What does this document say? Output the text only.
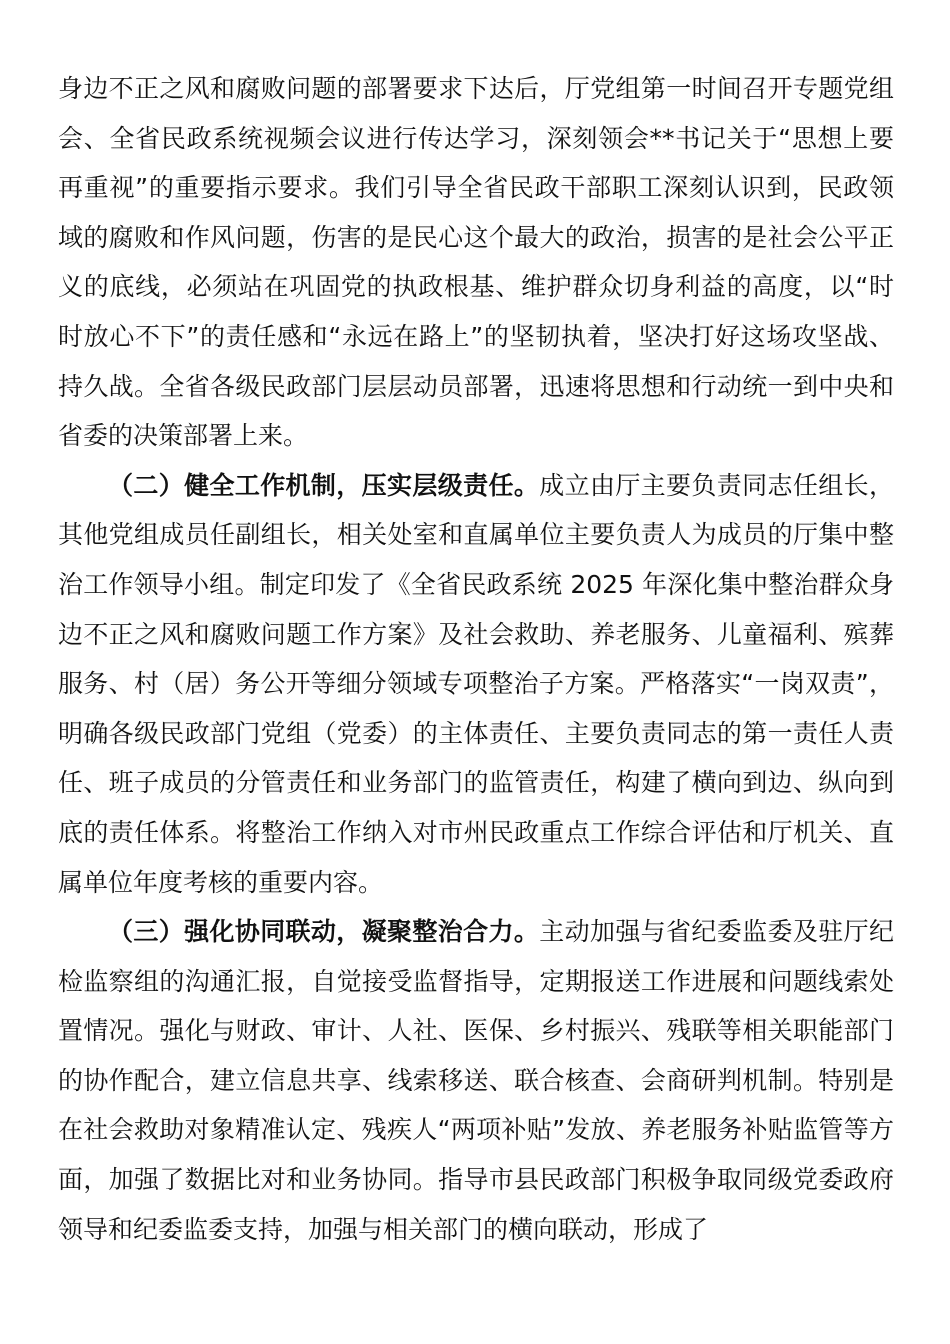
身边不正之风和腐败问题的部署要求下达后，厅党组第一时间召开专题党组会、全省民政系统视频会议进行传达学习，深刻领会**书记关于“思想上要再重视”的重要指示要求。我们引导全省民政干部职工深刻认识到，民政领域的腐败和作风问题，伤害的是民心这个最大的政治，损害的是社会公平正义的底线，必须站在巩固党的执政根基、维护群众切身利益的高度，以“时时放心不下”的责任感和“永远在路上”的坚韧执着，坚决打好这场攻坚战、持久战。全省各级民政部门层层动员部署，迅速将思想和行动统一到中央和省委的决策部署上来。

（二）健全工作机制，压实层级责任。成立由厅主要负责同志任组长，其他党组成员任副组长，相关处室和直属单位主要负责人为成员的厅集中整治工作领导小组。制定印发了《全省民政系统 2025 年深化集中整治群众身边不正之风和腐败问题工作方案》及社会救助、养老服务、儿童福利、殡葬服务、村（居）务公开等细分领域专项整治子方案。严格落实“一岗双责”，明确各级民政部门党组（党委）的主体责任、主要负责同志的第一责任人责任、班子成员的分管责任和业务部门的监管责任，构建了横向到边、纵向到底的责任体系。将整治工作纳入对市州民政重点工作综合评估和厅机关、直属单位年度考核的重要内容。

（三）强化协同联动，凝聚整治合力。主动加强与省纪委监委及驻厅纪检监察组的沟通汇报，自觉接受监督指导，定期报送工作进展和问题线索处置情况。强化与财政、审计、人社、医保、乡村振兴、残联等相关职能部门的协作配合，建立信息共享、线索移送、联合核查、会商研判机制。特别是在社会救助对象精准认定、残疾人“两项补贴”发放、养老服务补贴监管等方面，加强了数据比对和业务协同。指导市县民政部门积极争取同级党委政府领导和纪委监委支持，加强与相关部门的横向联动，形成了
